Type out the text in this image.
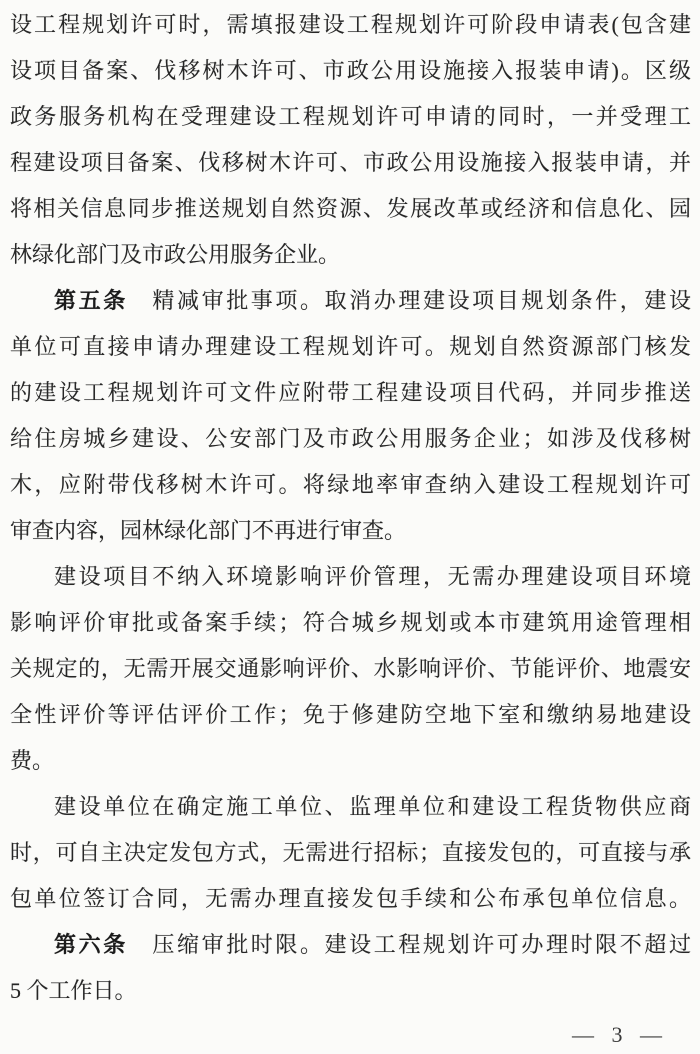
设工程规划许可时，需填报建设工程规划许可阶段申请表(包含建
设项目备案、伐移树木许可、市政公用设施接入报装申请)。区级
政务服务机构在受理建设工程规划许可申请的同时，一并受理工
程建设项目备案、伐移树木许可、市政公用设施接入报装申请，并
将相关信息同步推送规划自然资源、发展改革或经济和信息化、园
林绿化部门及市政公用服务企业。
第五条　精减审批事项。取消办理建设项目规划条件，建设
单位可直接申请办理建设工程规划许可。规划自然资源部门核发
的建设工程规划许可文件应附带工程建设项目代码，并同步推送
给住房城乡建设、公安部门及市政公用服务企业；如涉及伐移树
木，应附带伐移树木许可。将绿地率审查纳入建设工程规划许可
审查内容，园林绿化部门不再进行审查。
建设项目不纳入环境影响评价管理，无需办理建设项目环境
影响评价审批或备案手续；符合城乡规划或本市建筑用途管理相
关规定的，无需开展交通影响评价、水影响评价、节能评价、地震安
全性评价等评估评价工作；免于修建防空地下室和缴纳易地建设
费。
建设单位在确定施工单位、监理单位和建设工程货物供应商
时，可自主决定发包方式，无需进行招标；直接发包的，可直接与承
包单位签订合同，无需办理直接发包手续和公布承包单位信息。
第六条　压缩审批时限。建设工程规划许可办理时限不超过
5 个工作日。
— 3 —
